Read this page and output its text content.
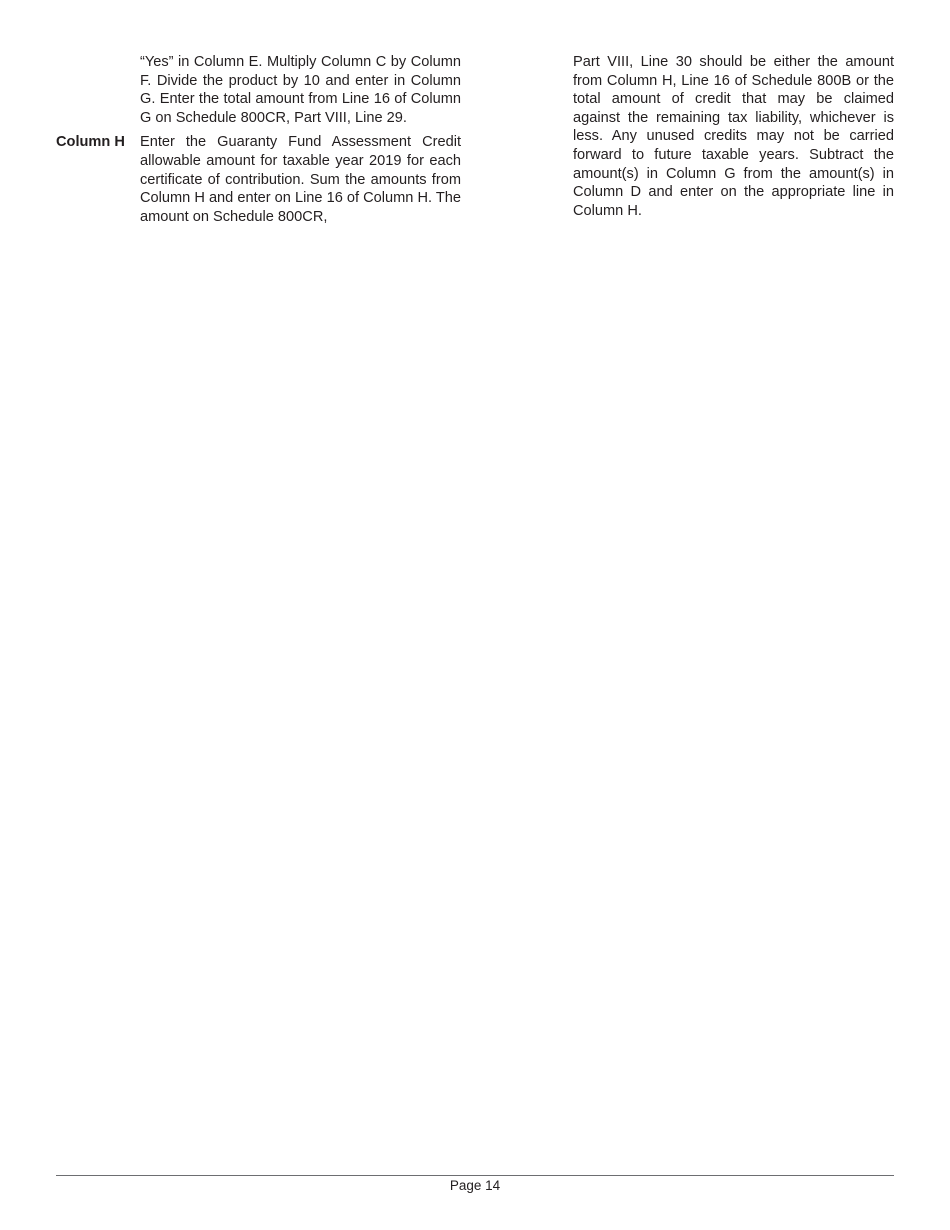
“Yes” in Column E. Multiply Column C by Column F. Divide the product by 10 and enter in Column G. Enter the total amount from Line 16 of Column G on Schedule 800CR, Part VIII, Line 29.

Column H	Enter the Guaranty Fund Assessment Credit allowable amount for taxable year 2019 for each certificate of contribution. Sum the amounts from Column H and enter on Line 16 of Column H. The amount on Schedule 800CR,

Part VIII, Line 30 should be either the amount from Column H, Line 16 of Schedule 800B or the total amount of credit that may be claimed against the remaining tax liability, whichever is less. Any unused credits may not be carried forward to future taxable years. Subtract the amount(s) in Column G from the amount(s) in Column D and enter on the appropriate line in Column H.

Page 14
